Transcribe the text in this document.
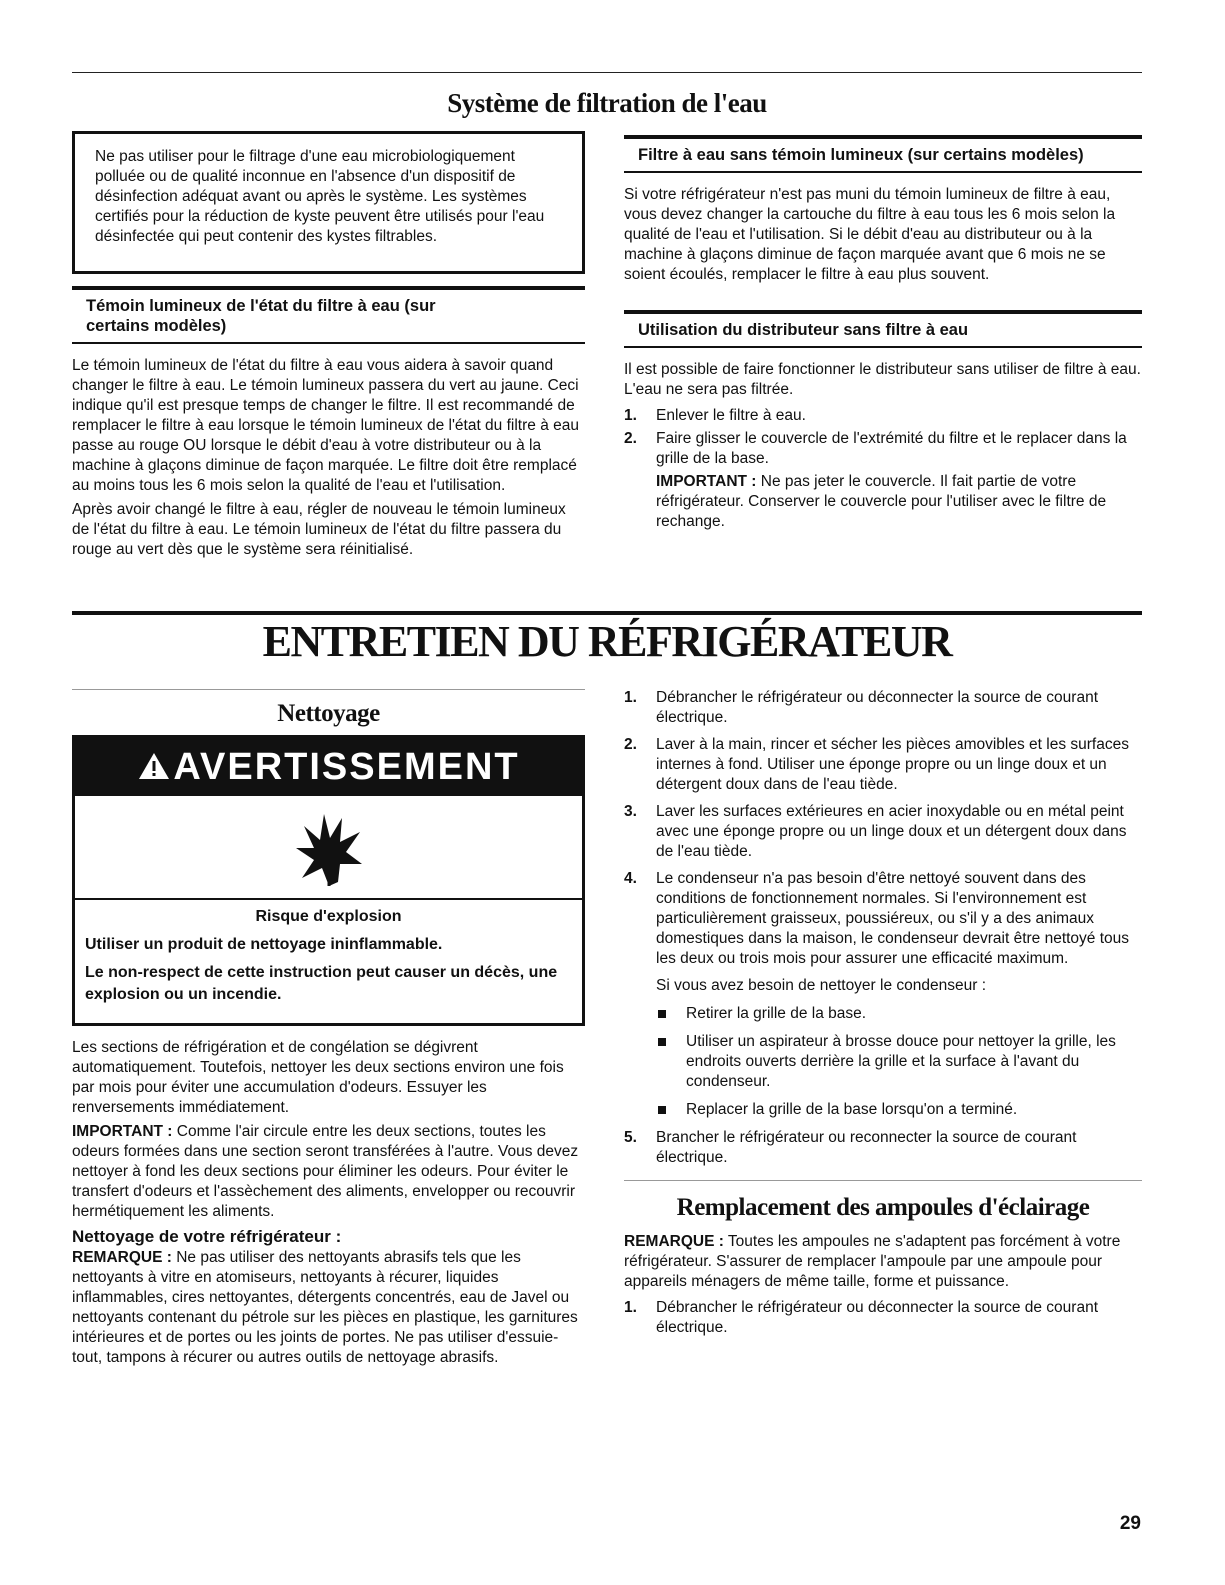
Système de filtration de l'eau

Ne pas utiliser pour le filtrage d'une eau microbiologiquement polluée ou de qualité inconnue en l'absence d'un dispositif de désinfection adéquat avant ou après le système. Les systèmes certifiés pour la réduction de kyste peuvent être utilisés pour l'eau désinfectée qui peut contenir des kystes filtrables.

Témoin lumineux de l'état du filtre à eau (sur certains modèles)

Le témoin lumineux de l'état du filtre à eau vous aidera à savoir quand changer le filtre à eau. Le témoin lumineux passera du vert au jaune. Ceci indique qu'il est presque temps de changer le filtre. Il est recommandé de remplacer le filtre à eau lorsque le témoin lumineux de l'état du filtre à eau passe au rouge OU lorsque le débit d'eau à votre distributeur ou à la machine à glaçons diminue de façon marquée. Le filtre doit être remplacé au moins tous les 6 mois selon la qualité de l'eau et l'utilisation.

Après avoir changé le filtre à eau, régler de nouveau le témoin lumineux de l'état du filtre à eau. Le témoin lumineux de l'état du filtre passera du rouge au vert dès que le système sera réinitialisé.

Filtre à eau sans témoin lumineux (sur certains modèles)

Si votre réfrigérateur n'est pas muni du témoin lumineux de filtre à eau, vous devez changer la cartouche du filtre à eau tous les 6 mois selon la qualité de l'eau et l'utilisation. Si le débit d'eau au distributeur ou à la machine à glaçons diminue de façon marquée avant que 6 mois ne se soient écoulés, remplacer le filtre à eau plus souvent.

Utilisation du distributeur sans filtre à eau

Il est possible de faire fonctionner le distributeur sans utiliser de filtre à eau. L'eau ne sera pas filtrée.

1. Enlever le filtre à eau.
2. Faire glisser le couvercle de l'extrémité du filtre et le replacer dans la grille de la base.

IMPORTANT : Ne pas jeter le couvercle. Il fait partie de votre réfrigérateur. Conserver le couvercle pour l'utiliser avec le filtre de rechange.

ENTRETIEN DU RÉFRIGÉRATEUR
Nettoyage
AVERTISSEMENT

Risque d'explosion

Utiliser un produit de nettoyage ininflammable.

Le non-respect de cette instruction peut causer un décès, une explosion ou un incendie.

Les sections de réfrigération et de congélation se dégivrent automatiquement. Toutefois, nettoyer les deux sections environ une fois par mois pour éviter une accumulation d'odeurs. Essuyer les renversements immédiatement.

IMPORTANT : Comme l'air circule entre les deux sections, toutes les odeurs formées dans une section seront transférées à l'autre. Vous devez nettoyer à fond les deux sections pour éliminer les odeurs. Pour éviter le transfert d'odeurs et l'assèchement des aliments, envelopper ou recouvrir hermétiquement les aliments.

Nettoyage de votre réfrigérateur :

REMARQUE : Ne pas utiliser des nettoyants abrasifs tels que les nettoyants à vitre en atomiseurs, nettoyants à récurer, liquides inflammables, cires nettoyantes, détergents concentrés, eau de Javel ou nettoyants contenant du pétrole sur les pièces en plastique, les garnitures intérieures et de portes ou les joints de portes. Ne pas utiliser d'essuie-tout, tampons à récurer ou autres outils de nettoyage abrasifs.

1. Débrancher le réfrigérateur ou déconnecter la source de courant électrique.
2. Laver à la main, rincer et sécher les pièces amovibles et les surfaces internes à fond. Utiliser une éponge propre ou un linge doux et un détergent doux dans de l'eau tiède.
3. Laver les surfaces extérieures en acier inoxydable ou en métal peint avec une éponge propre ou un linge doux et un détergent doux dans de l'eau tiède.
4. Le condenseur n'a pas besoin d'être nettoyé souvent dans des conditions de fonctionnement normales. Si l'environnement est particulièrement graisseux, poussiéreux, ou s'il y a des animaux domestiques dans la maison, le condenseur devrait être nettoyé tous les deux ou trois mois pour assurer une efficacité maximum.

Si vous avez besoin de nettoyer le condenseur :

Retirer la grille de la base.
Utiliser un aspirateur à brosse douce pour nettoyer la grille, les endroits ouverts derrière la grille et la surface à l'avant du condenseur.
Replacer la grille de la base lorsqu'on a terminé.
5. Brancher le réfrigérateur ou reconnecter la source de courant électrique.
Remplacement des ampoules d'éclairage

REMARQUE : Toutes les ampoules ne s'adaptent pas forcément à votre réfrigérateur. S'assurer de remplacer l'ampoule par une ampoule pour appareils ménagers de même taille, forme et puissance.

1. Débrancher le réfrigérateur ou déconnecter la source de courant électrique.
29
